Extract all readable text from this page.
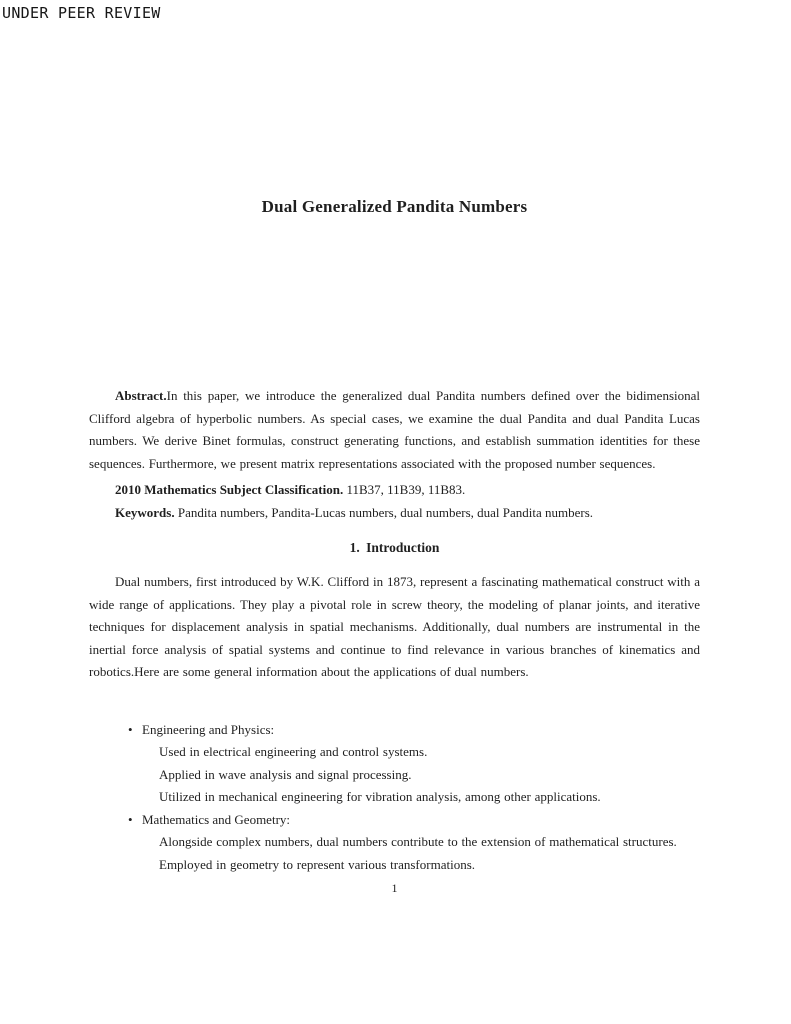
UNDER PEER REVIEW
Dual Generalized Pandita Numbers

Abstract.In this paper, we introduce the generalized dual Pandita numbers defined over the bidimensional Clifford algebra of hyperbolic numbers. As special cases, we examine the dual Pandita and dual Pandita Lucas numbers. We derive Binet formulas, construct generating functions, and establish summation identities for these sequences. Furthermore, we present matrix representations associated with the proposed number sequences.

2010 Mathematics Subject Classification. 11B37, 11B39, 11B83.

Keywords. Pandita numbers, Pandita-Lucas numbers, dual numbers, dual Pandita numbers.

1. Introduction

Dual numbers, first introduced by W.K. Clifford in 1873, represent a fascinating mathematical construct with a wide range of applications. They play a pivotal role in screw theory, the modeling of planar joints, and iterative techniques for displacement analysis in spatial mechanisms. Additionally, dual numbers are instrumental in the inertial force analysis of spatial systems and continue to find relevance in various branches of kinematics and robotics.Here are some general information about the applications of dual numbers.

• Engineering and Physics:

Used in electrical engineering and control systems.

Applied in wave analysis and signal processing.

Utilized in mechanical engineering for vibration analysis, among other applications.

• Mathematics and Geometry:

Alongside complex numbers, dual numbers contribute to the extension of mathematical structures.

Employed in geometry to represent various transformations.

1
